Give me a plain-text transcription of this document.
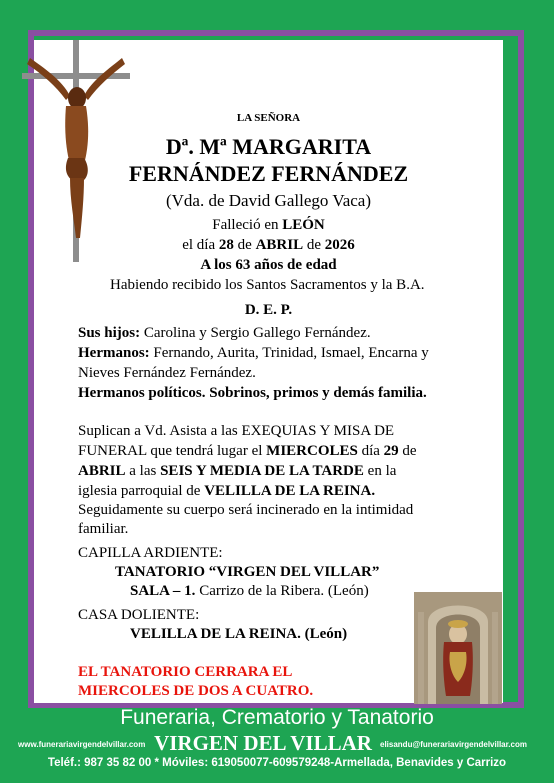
LA SEÑORA
Dª. Mª MARGARITA
FERNÁNDEZ FERNÁNDEZ
(Vda. de David Gallego Vaca)
Falleció en LEÓN
el día 28 de ABRIL de 2026
A los 63 años de edad
Habiendo recibido los Santos Sacramentos y la B.A.
D. E. P.
Sus hijos: Carolina y Sergio Gallego Fernández.
Hermanos: Fernando, Aurita, Trinidad, Ismael, Encarna y
Nieves Fernández Fernández.
Hermanos políticos. Sobrinos, primos y demás familia.
Suplican a Vd. Asista a las EXEQUIAS Y MISA DE
FUNERAL que tendrá lugar el MIERCOLES día 29 de
ABRIL a las SEIS Y MEDIA DE LA TARDE en la
iglesia parroquial de VELILLA DE LA REINA.
Seguidamente su cuerpo será incinerado en la intimidad
familiar.
CAPILLA ARDIENTE:
TANATORIO “VIRGEN DEL VILLAR”
SALA – 1. Carrizo de la Ribera. (León)
CASA DOLIENTE:
VELILLA DE LA REINA. (León)
EL TANATORIO CERRARA EL
MIERCOLES DE DOS A CUATRO.
Funeraria, Crematorio y Tanatorio
www.funerariavirgendelvillar.com VIRGEN DEL VILLAR	elisandu@funerariavirgendelvillar.com
Teléf.: 987 35 82 00 * Móviles: 619050077-609579248-Armellada, Benavides y Carrizo
